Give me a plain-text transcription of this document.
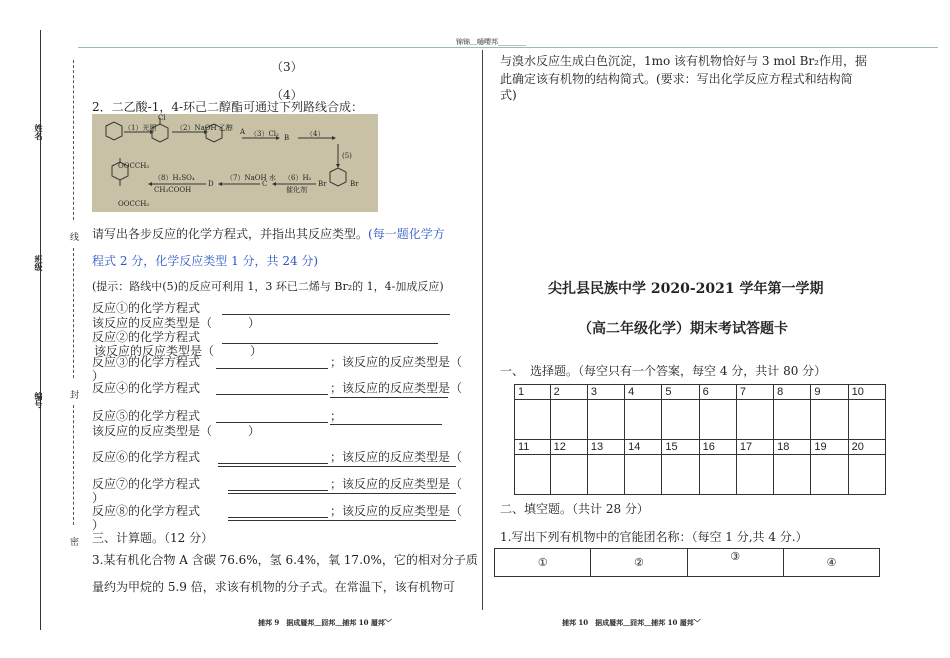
锦锦﹏嗵嘤邦________
姓名
班级
编号
线
封
密
（3）
（4）
2．二乙酸-1，4-环己二醇酯可通过下列路线合成：
（1）光照	（2）NaOH 乙醇 A （3）Cl₂ B （4）
Cl
(5)
Br	Br
（6）H₂
催化剂
C
（7）NaOH 水
D
（8）H₂SO₄
CH₃COOH
OOCCH₃
OOCCH₃
请写出各步反应的化学方程式，并指出其反应类型。(每一题化学方
程式 2 分，化学反应类型 1 分，共 24 分)
(提示：路线中(5)的反应可利用 1，3 环已二烯与 Br₂的 1，4-加成反应)
反应①的化学方程式
该反应的反应类型是（　　　）
反应②的化学方程式
该反应的反应类型是（　　　）
反应③的化学方程式	；该反应的反应类型是（
）
反应④的化学方程式	；该反应的反应类型是（
反应⑤的化学方程式	；
该反应的反应类型是（　　　）
反应⑥的化学方程式	；该反应的反应类型是（
反应⑦的化学方程式	；该反应的反应类型是（
）
反应⑧的化学方程式	；该反应的反应类型是（
）
三、计算题。（12 分）
3.某有机化合物 A 含碳 76.6%，氢 6.4%，氧 17.0%，它的相对分子质
量约为甲烷的 5.9 倍，求该有机物的分子式。在常温下，该有机物可
捕邦 9　据成蜃邦﹏囧邦﹏捕邦 10 蜃邦﹀
与溴水反应生成白色沉淀，1mo 该有机物恰好与 3 mol Br₂作用，据
此确定该有机物的结构简式。(要求：写出化学反应方程式和结构简
式)
尖扎县民族中学 2020-2021 学年第一学期
（高二年级化学）期末考试答题卡
一、　选择题。（每空只有一个答案，每空 4 分，共计 80 分）
1	2	3	4	5	6	7	8	9	10

11	12	13	14	15	16	17	18	19	20

二、填空题。（共计 28 分）
1.写出下列有机物中的官能团名称：（每空 1 分,共 4 分.）
①	②	③	④
捕邦 10　据成蜃邦﹏囧邦﹏捕邦 10 蜃邦﹀
